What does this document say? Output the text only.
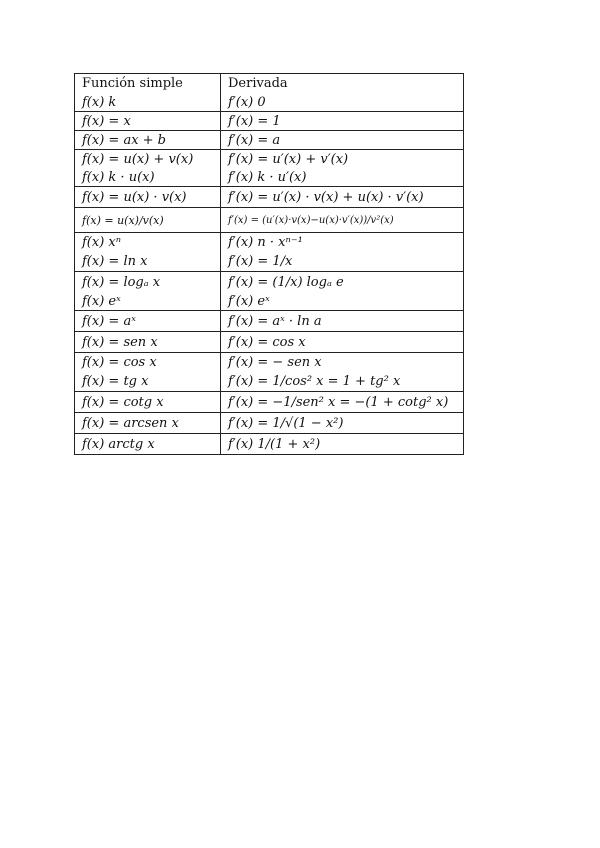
Función simple	Derivada
f(x) k	f′(x) 0
f(x) = x	f′(x) = 1
f(x) = ax + b	f′(x) = a
f(x) = u(x) + v(x)	f′(x) = u′(x) + v′(x)
f(x) k · u(x)	f′(x) k · u′(x)
f(x) = u(x) · v(x)	f′(x) = u′(x) · v(x) + u(x) · v′(x)
f(x) = u(x)/v(x)	f′(x) = (u′(x)·v(x)−u(x)·v′(x))/v²(x)
f(x) xⁿ	f′(x) n · xⁿ⁻¹
f(x) = ln x	f′(x) = 1/x
f(x) = logₐ x	f′(x) = (1/x) logₐ e
f(x) eˣ	f′(x) eˣ
f(x) = aˣ	f′(x) = aˣ · ln a
f(x) = sen x	f′(x) = cos x
f(x) = cos x	f′(x) = − sen x
f(x) = tg x	f′(x) = 1/cos² x = 1 + tg² x
f(x) = cotg x	f′(x) = −1/sen² x = −(1 + cotg² x)
f(x) = arcsen x	f′(x) = 1/√(1 − x²)
f(x) arctg x	f′(x) 1/(1 + x²)
